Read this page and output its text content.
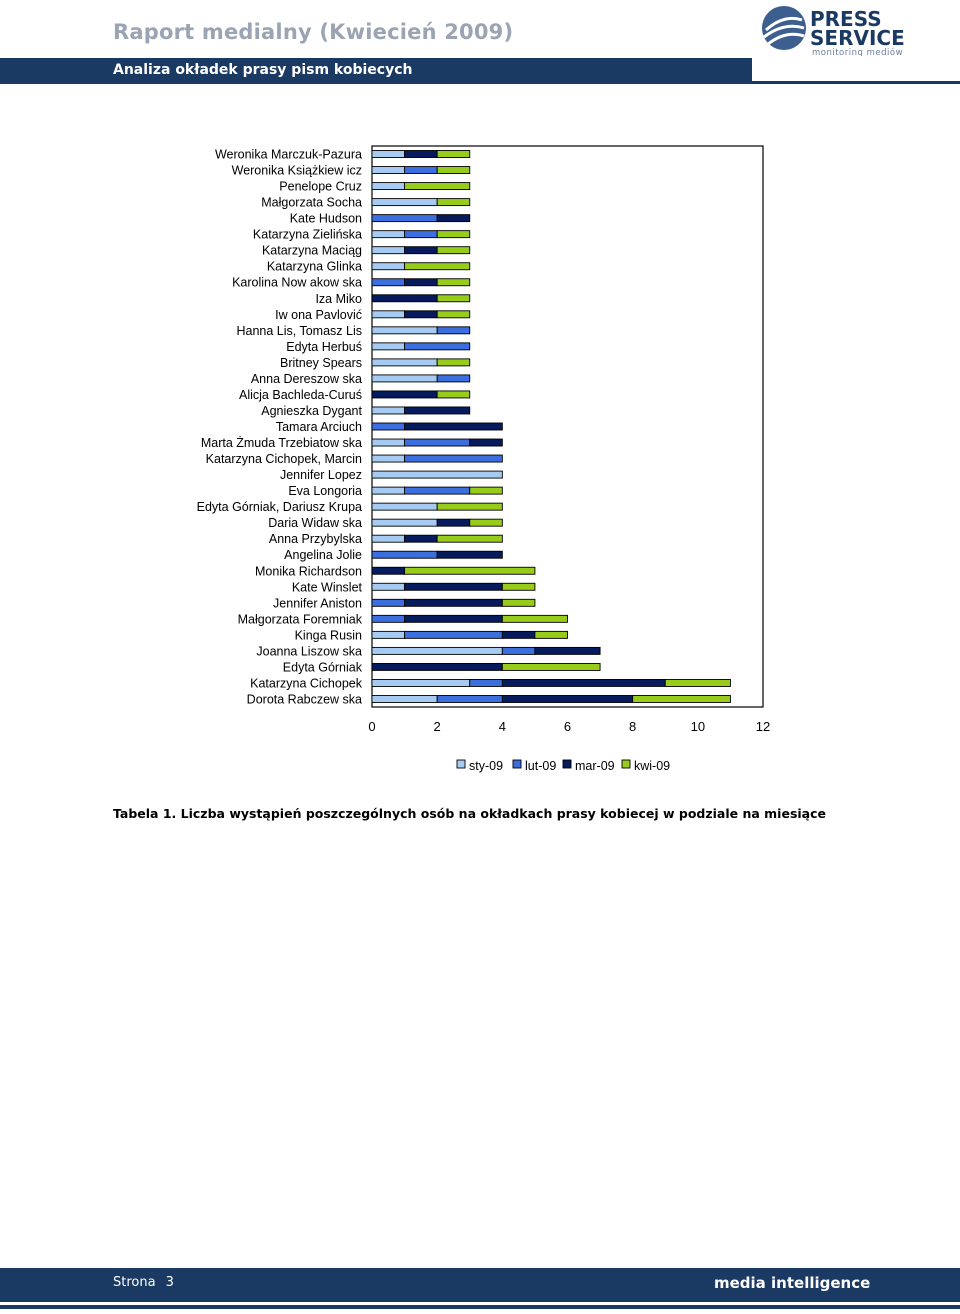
Raport medialny (Kwiecień 2009)
Analiza okładek prasy pism kobiecych
PRESS
SERVICE
monitoring mediów
Weronika Marczuk-Pazura
Weronika Książkiew icz
Penelope Cruz
Małgorzata Socha
Kate Hudson
Katarzyna Zielińska
Katarzyna Maciąg
Katarzyna Glinka
Karolina Now akow ska
Iza Miko
Iw ona Pavlović
Hanna Lis, Tomasz Lis
Edyta Herbuś
Britney Spears
Anna Dereszow ska
Alicja Bachleda-Curuś
Agnieszka Dygant
Tamara Arciuch
Marta Żmuda Trzebiatow ska
Katarzyna Cichopek, Marcin
Jennifer Lopez
Eva Longoria
Edyta Górniak, Dariusz Krupa
Daria Widaw ska
Anna Przybylska
Angelina Jolie
Monika Richardson
Kate Winslet
Jennifer Aniston
Małgorzata Foremniak
Kinga Rusin
Joanna Liszow ska
Edyta Górniak
Katarzyna Cichopek
Dorota Rabczew ska
0	2	4	6	8	10	12
sty-09 lut-09 mar-09 kwi-09
Tabela 1. Liczba wystąpień poszczególnych osób na okładkach prasy kobiecej w podziale na miesiące
Strona 3	media intelligence
